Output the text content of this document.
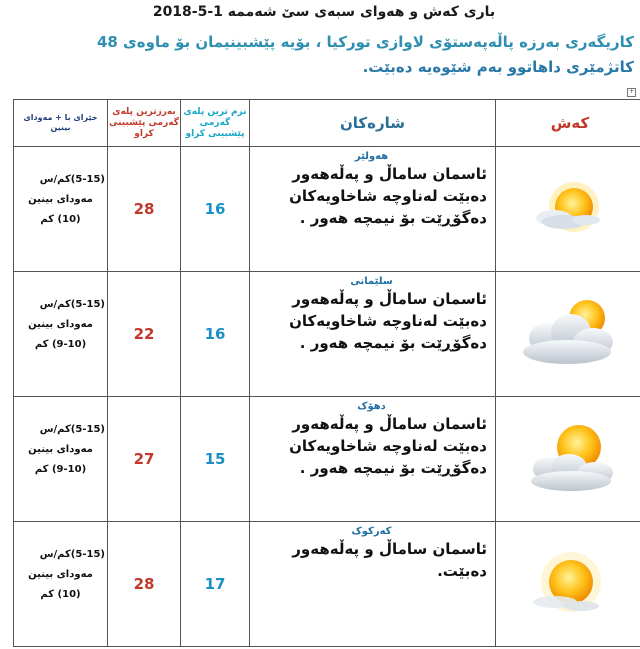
باری کەش و هەوای سبەی سێ شەممە 2018-5-1
کاریگەری بەرزە پاڵەپەستۆی لاوازی تورکیا ، بۆیە پێشبینیمان بۆ ماوەی 48
کاتژمێری داهاتوو بەم شێوەیە دەبێت.
+
کەش	شارەکان	نزم ترین پلەی گەرمی پێشبینی کراو	بەرزترین پلەی گەرمی پێشبینی کراو	خێرای با + مەودای بینین

هەولێر
ئاسمان ساماڵ و پەڵەهەور دەبێت لەناوچە شاخاویەکان دەگۆڕێت بۆ نیمچە هەور .	16	28	(5-15)کم/س
مەودای بینین
(10) کم

سلێمانی
ئاسمان ساماڵ و پەڵەهەور دەبێت لەناوچە شاخاویەکان دەگۆڕێت بۆ نیمچە هەور .	16	22	(5-15)کم/س
مەودای بینین
(9-10) کم

دهۆک
ئاسمان ساماڵ و پەڵەهەور دەبێت لەناوچە شاخاویەکان دەگۆڕێت بۆ نیمچە هەور .	15	27	(5-15)کم/س
مەودای بینین
(9-10) کم

کەرکوک
ئاسمان ساماڵ و پەڵەهەور دەبێت.	17	28	(5-15)کم/س
مەودای بینین
(10) کم
